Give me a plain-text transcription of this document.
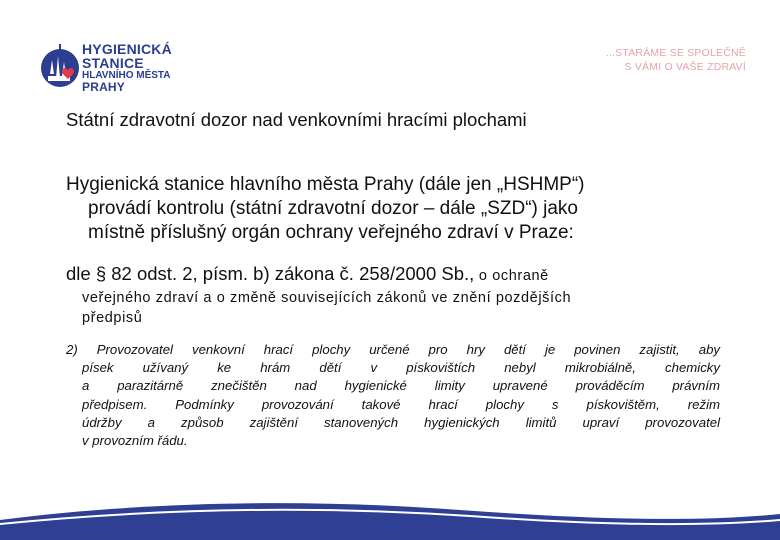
HYGIENICKÁ
STANICE
HLAVNÍHO MĚSTA
PRAHY
...STARÁME SE SPOLEČNĚ
S VÁMI O VAŠE ZDRAVÍ
Státní zdravotní dozor nad venkovními hracími plochami
Hygienická stanice hlavního města Prahy (dále jen „HSHMP“)
provádí kontrolu (státní zdravotní dozor – dále „SZD“) jako
místně příslušný orgán ochrany veřejného zdraví v Praze:
dle § 82 odst. 2, písm. b) zákona č. 258/2000 Sb., o ochraně
veřejného zdraví a o změně souvisejících zákonů ve znění pozdějších
předpisů
2) Provozovatel venkovní hrací plochy určené pro hry dětí je povinen zajistit, aby
písek užívaný ke hrám dětí v pískovištích nebyl mikrobiálně, chemicky
a parazitárně znečištěn nad hygienické limity upravené prováděcím právním
předpisem. Podmínky provozování takové hrací plochy s pískovištěm, režim
údržby a způsob zajištění stanovených hygienických limitů upraví provozovatel
v provozním řádu.
